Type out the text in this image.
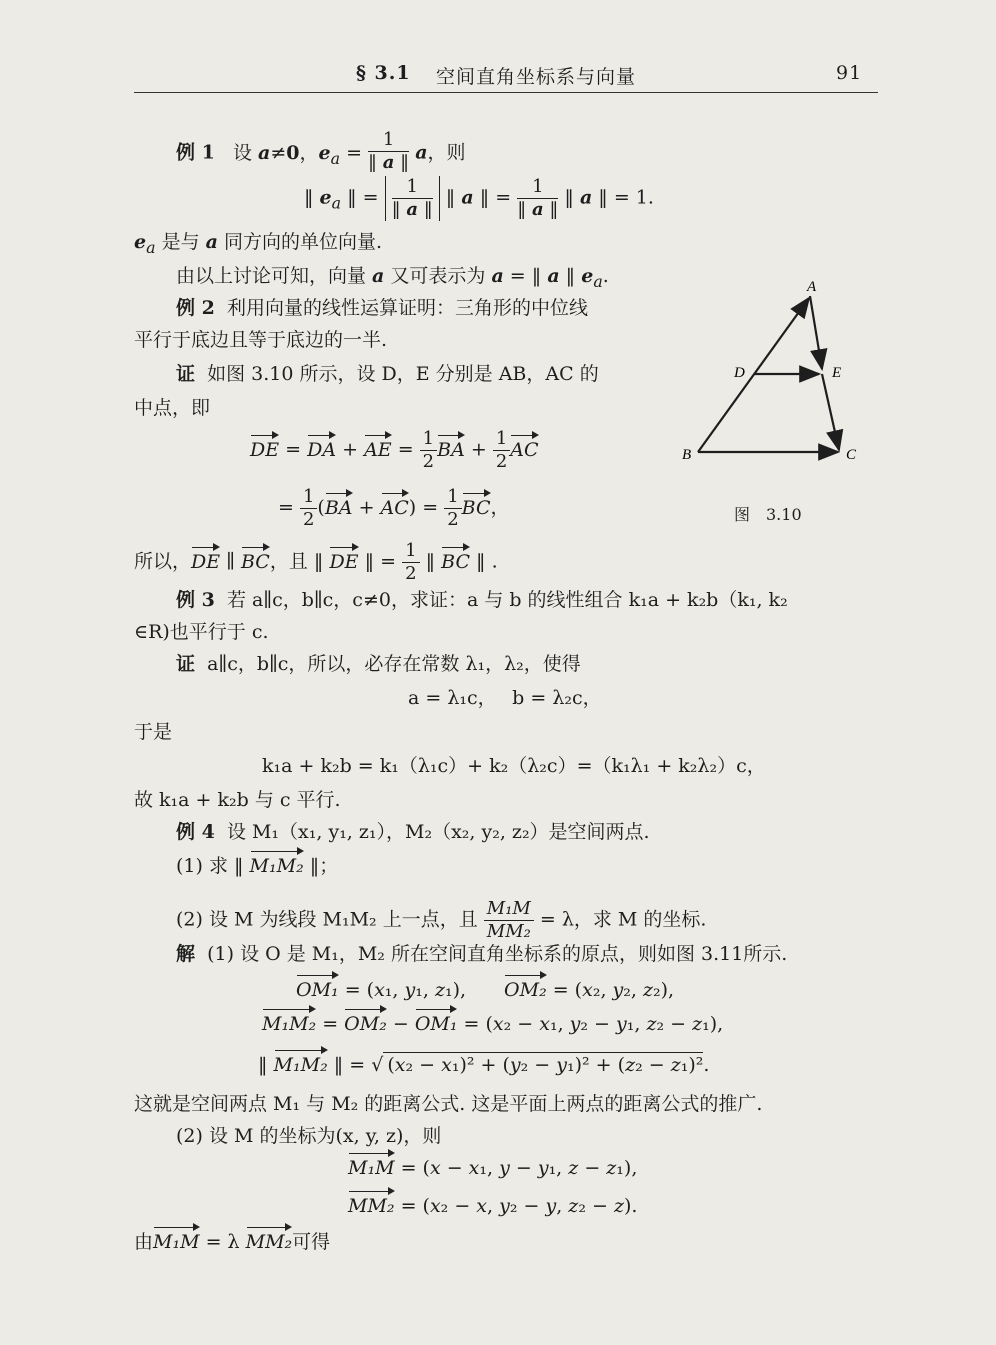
§ 3.1 空间直角坐标系与向量	91
例 1 设 a≠0，$e_a = \frac{1}{‖ a ‖}$ a，则
‖ $e_a$ ‖ = $\frac{1}{‖ a ‖}$ ‖ a ‖ = $\frac{1}{‖ a ‖}$ ‖ a ‖ = 1.
$e_a$ 是与 a 同方向的单位向量.
由以上讨论可知，向量 a 又可表示为 a = ‖ a ‖ $e_a$.
例 2 利用向量的线性运算证明：三角形的中位线
平行于底边且等于底边的一半.
证 如图 3.10 所示，设 D，E 分别是 AB，AC 的
中点，即
DE = DA + AE = $\frac{1}{2}$ BA + $\frac{1}{2}$ AC
= $\frac{1}{2} (BA + AC) = \frac{1}{2}$ BC，
所以，DE ∥ BC，且 ‖ DE ‖ = $\frac{1}{2}$ ‖ BC ‖ .
A
B	C
D	E
图　3.10
例 3 若 a∥c，b∥c，c≠0，求证：a 与 b 的线性组合 k₁a + k₂b（k₁, k₂
∈R)也平行于 c.
证 a∥c，b∥c，所以，必存在常数 λ₁，λ₂，使得
a = λ₁c，　 b = λ₂c，
于是
k₁a + k₂b = k₁（λ₁c）+ k₂（λ₂c）=（k₁λ₁ + k₂λ₂）c，
故 k₁a + k₂b 与 c 平行.
例 4 设 M₁（x₁, y₁, z₁），M₂（x₂, y₂, z₂）是空间两点.
(1) 求 ‖ M₁M₂ ‖；
(2) 设 M 为线段 M₁M₂ 上一点，且 $\frac{\text{M₁M}}{\text{MM₂}} = \lambda$，求 M 的坐标.
解 (1) 设 O 是 M₁，M₂ 所在空间直角坐标系的原点，则如图 3.11所示.
OM₁ = (x₁, y₁, z₁),　　OM₂ = (x₂, y₂, z₂),
M₁M₂ = OM₂ − OM₁ = (x₂ − x₁, y₂ − y₁, z₂ − z₁),
‖ M₁M₂ ‖ = √ (x₂ − x₁)² + (y₂ − y₁)² + (z₂ − z₁)².
这就是空间两点 M₁ 与 M₂ 的距离公式. 这是平面上两点的距离公式的推广.
(2) 设 M 的坐标为(x, y, z)，则
M₁M = (x − x₁, y − y₁, z − z₁),
MM₂ = (x₂ − x, y₂ − y, z₂ − z).
由M₁M = λ MM₂可得
